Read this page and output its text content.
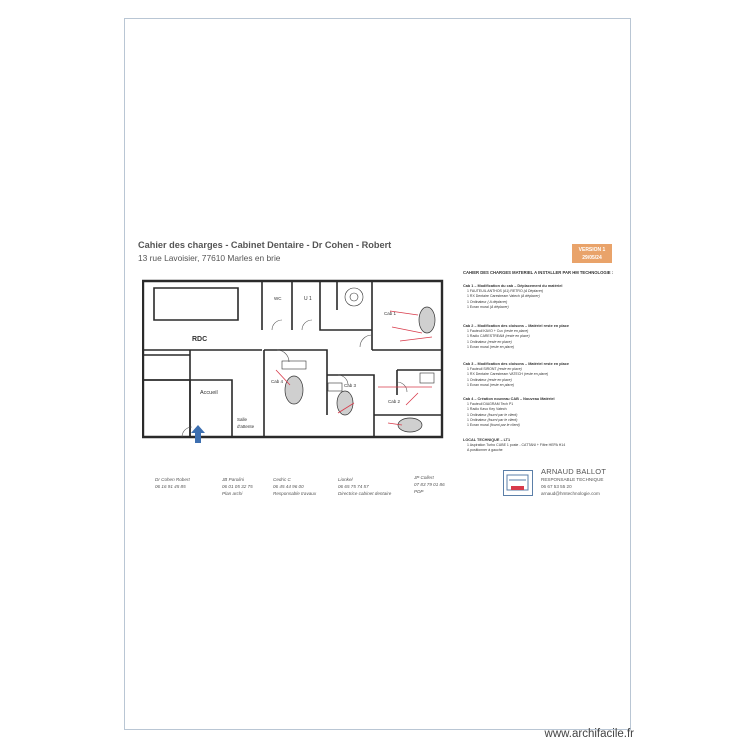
Cahier des charges - Cabinet Dentaire - Dr Cohen - Robert
13 rue Lavoisier, 77610 Marles en brie
VERSION 1
29/05/24
RDC
WC	U 1
Accueil
Salle
d'attente
Cab 1
Cab 2
Cab 3
Cab 4
CAHIER DES CHARGES MATERIEL A INSTALLER PAR HM TECHNOLOGIE :
Cab 1 – Modification du cab – Déplacement du matériel
1 FAUTEUIL ANTHOS (A1) RETRO (A Déplacer)
1 RX Dentaire Carestream Vatech (A déplacer)
1 Ordinateur ( A déplacer)
1 Ecran mural (A déplacer)
Cab 2 – Modification des cloisons – Matériel reste en place
1 Fauteuil KAVO + Cuv (reste en place)
1 Radio CARESTREAM (reste en place)
1 Ordinateur (reste en place)
1 Ecran mural (reste en place)
Cab 3 – Modification des cloisons – Matériel reste en place
1 Fauteuil SIRONT (reste en place)
1 RX Dentaire Carestream VATECH (reste en place)
1 Ordinateur (reste en place)
1 Ecran mural (reste en place)
Cab 4 – Création nouveau CAB – Nouveau Matériel
1 Fauteuil DIAGRAM Tech P1
1 Radio Kavo Key Vatech
1 Ordinateur (fourni par le client)
1 Ordinateur (fourni par le client)
1 Ecran mural (fourni par le client)
LOCAL TECHNIQUE – LT1
1 Aspiration Turbo CUBE 1 poste - CATTANI + Filtre HEPA H14
A positionner à gauche
Dr Cohen Robert
06 16 91 45 85
JB Parolini
06 01 05 32 75
Plan archi
Cedric C
06 45 44 96 00
Responsable travaux
Lionkel
06 65 75 74 57
Directrice cabinet dentaire
JP Collert
07 83 79 01 86
PDP
ARNAUD BALLOT
RESPONSABLE TECHNIQUE
06 67 53 55 20
arnaud@hmtechnologie.com
www.archifacile.fr
